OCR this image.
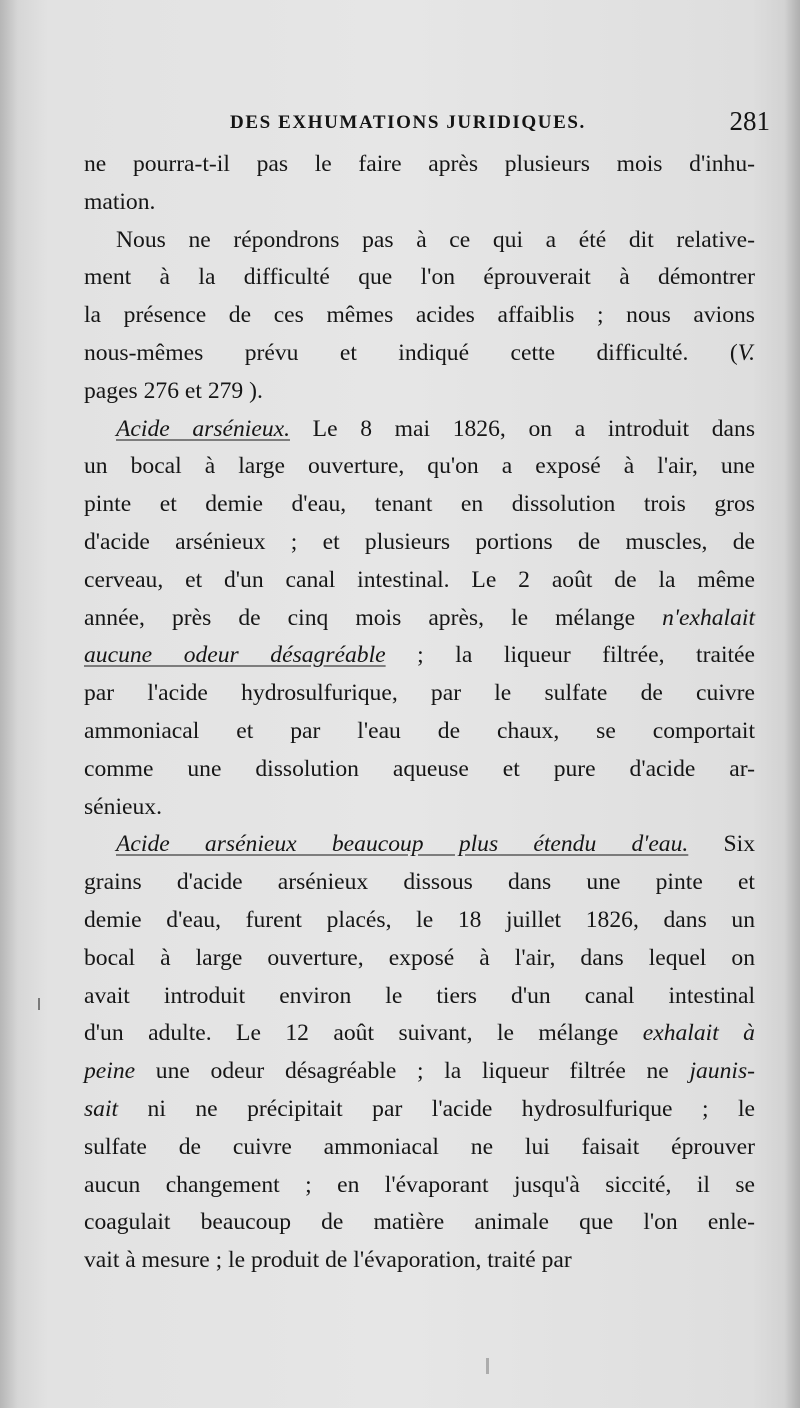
DES EXHUMATIONS JURIDIQUES.	281

ne pourra-t-il pas le faire après plusieurs mois d'inhu-
mation.

Nous ne répondrons pas à ce qui a été dit relative-
ment à la difficulté que l'on éprouverait à démontrer
la présence de ces mêmes acides affaiblis ; nous avions
nous-mêmes prévu et indiqué cette difficulté. (V.
pages 276 et 279 ).

Acide arsénieux. Le 8 mai 1826, on a introduit dans
un bocal à large ouverture, qu'on a exposé à l'air, une
pinte et demie d'eau, tenant en dissolution trois gros
d'acide arsénieux ; et plusieurs portions de muscles, de
cerveau, et d'un canal intestinal. Le 2 août de la même
année, près de cinq mois après, le mélange n'exhalait
aucune odeur désagréable ; la liqueur filtrée, traitée
par l'acide hydrosulfurique, par le sulfate de cuivre
ammoniacal et par l'eau de chaux, se comportait
comme une dissolution aqueuse et pure d'acide ar-
sénieux.

Acide arsénieux beaucoup plus étendu d'eau. Six
grains d'acide arsénieux dissous dans une pinte et
demie d'eau, furent placés, le 18 juillet 1826, dans un
bocal à large ouverture, exposé à l'air, dans lequel on
avait introduit environ le tiers d'un canal intestinal
d'un adulte. Le 12 août suivant, le mélange exhalait à
peine une odeur désagréable ; la liqueur filtrée ne jaunis-
sait ni ne précipitait par l'acide hydrosulfurique ; le
sulfate de cuivre ammoniacal ne lui faisait éprouver
aucun changement ; en l'évaporant jusqu'à siccité, il se
coagulait beaucoup de matière animale que l'on enle-
vait à mesure ; le produit de l'évaporation, traité par
